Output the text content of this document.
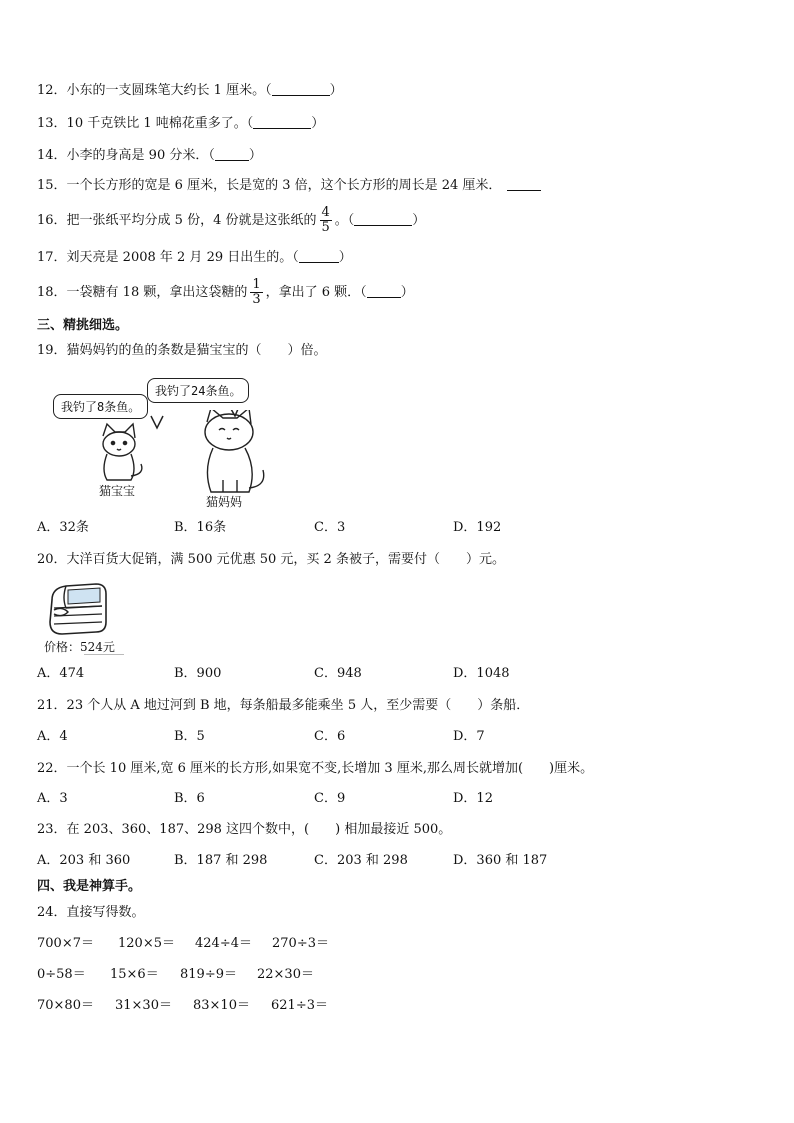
12．小东的一支圆珠笔大约长 1 厘米。（	）
13．10 千克铁比 1 吨棉花重多了。（	）
14．小李的身高是 90 分米．（	）
15．一个长方形的宽是 6 厘米，长是宽的 3 倍，这个长方形的周长是 24 厘米．
16．把一张纸平均分成 5 份，4 份就是这张纸的 $\frac{4}{5}$ 。（	）
17．刘天亮是 2008 年 2 月 29 日出生的。（	）
18．一袋糖有 18 颗，拿出这袋糖的 $\frac{1}{3}$ ，拿出了 6 颗．（	）
三、精挑细选。
19．猫妈妈钓的鱼的条数是猫宝宝的（　　）倍。
我钓了8条鱼。
我钓了24条鱼。
猫宝宝
猫妈妈
A．32条	B．16条	C．3	D．192
20．大洋百货大促销，满 500 元优惠 50 元，买 2 条被子，需要付（　　）元。
价格：524元
A．474	B．900	C．948	D．1048
21．23 个人从 A 地过河到 B 地，每条船最多能乘坐 5 人，至少需要（　　）条船．
A．4	B．5	C．6	D．7
22．一个长 10 厘米,宽 6 厘米的长方形,如果宽不变,长增加 3 厘米,那么周长就增加(　　)厘米。
A．3	B．6	C．9	D．12
23．在 203、360、187、298 这四个数中，(　　) 相加最接近 500。
A．203 和 360	B．187 和 298	C．203 和 298	D．360 和 187
四、我是神算手。
24．直接写得数。
700×7＝ 120×5＝ 424÷4＝ 270÷3＝
0÷58＝ 15×6＝ 819÷9＝ 22×30＝
70×80＝ 31×30＝ 83×10＝ 621÷3＝
